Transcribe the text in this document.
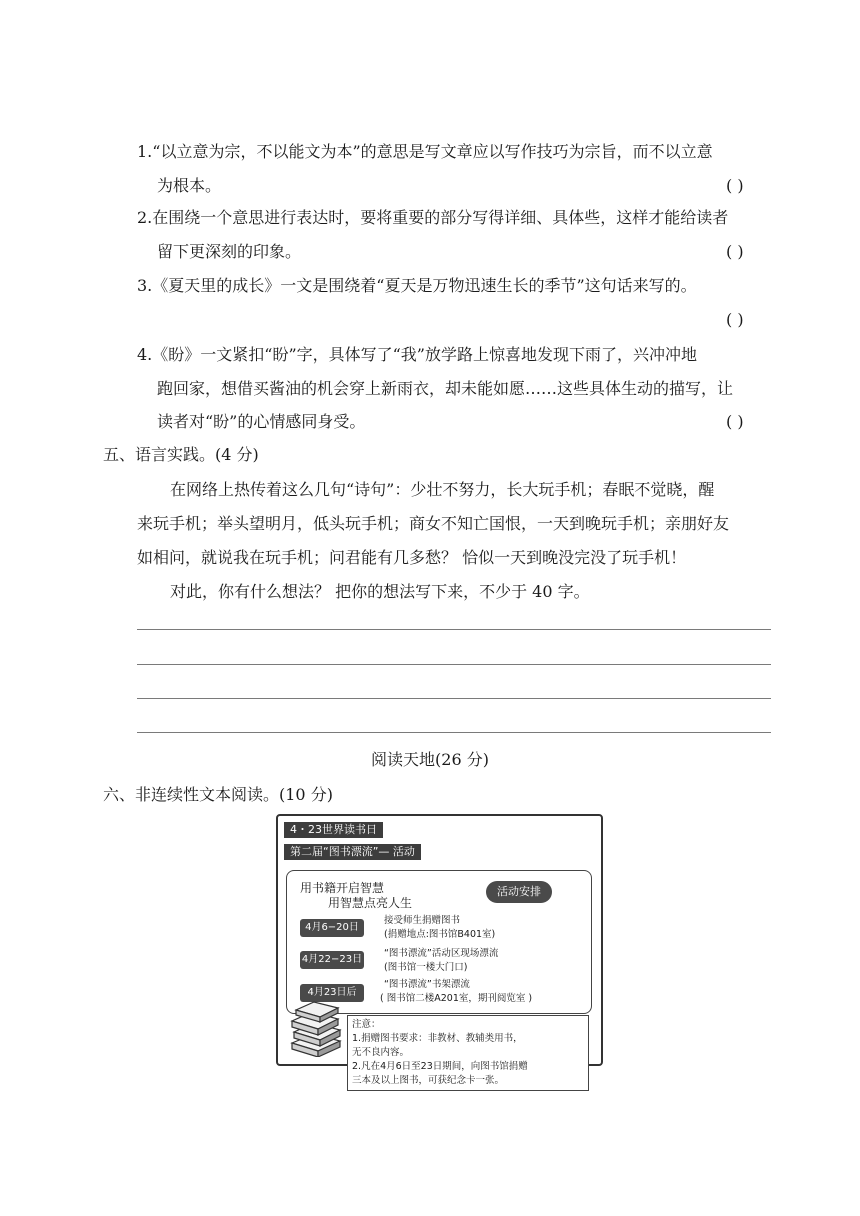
1.“以立意为宗，不以能文为本”的意思是写文章应以写作技巧为宗旨，而不以立意
为根本。	( )
2.在围绕一个意思进行表达时，要将重要的部分写得详细、具体些，这样才能给读者
留下更深刻的印象。	( )
3.《夏天里的成长》一文是围绕着“夏天是万物迅速生长的季节”这句话来写的。
( )
4.《盼》一文紧扣“盼”字，具体写了“我”放学路上惊喜地发现下雨了，兴冲冲地
跑回家，想借买酱油的机会穿上新雨衣，却未能如愿……这些具体生动的描写，让
读者对“盼”的心情感同身受。	( )
五、语言实践。(4 分)
在网络上热传着这么几句“诗句”：少壮不努力，长大玩手机；春眠不觉晓，醒
来玩手机；举头望明月，低头玩手机；商女不知亡国恨，一天到晚玩手机；亲朋好友
如相问，就说我在玩手机；问君能有几多愁？ 恰似一天到晚没完没了玩手机！
对此，你有什么想法？ 把你的想法写下来，不少于 40 字。
阅读天地(26 分)
六、非连续性文本阅读。(10 分)
4・23世界读书日
第二届“图书漂流”— 活动
用书籍开启智慧
用智慧点亮人生
活动安排
4月6−20日
接受师生捐赠图书
(捐赠地点:图书馆B401室)
4月22−23日
“图书漂流”活动区现场漂流
(图书馆一楼大门口)
4月23日后
“图书漂流”书架漂流
( 图书馆二楼A201室，期刊阅览室 )
注意：
1.捐赠图书要求：非教材、教辅类用书，
无不良内容。
2.凡在4月6日至23日期间，向图书馆捐赠
三本及以上图书，可获纪念卡一张。
